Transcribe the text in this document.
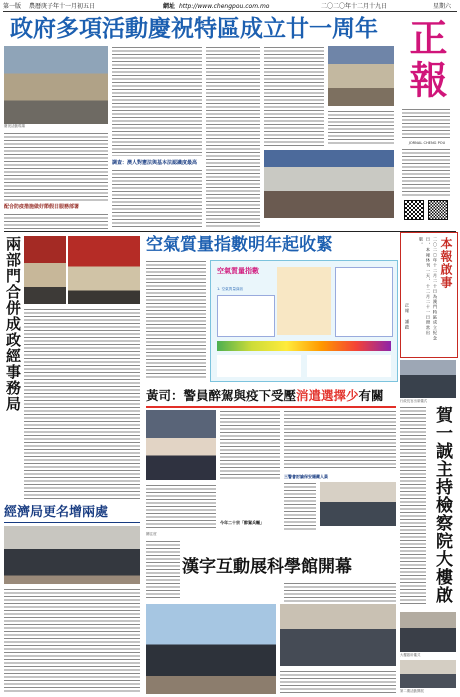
第一版 農曆庚子年十一月初五日	網址 http://www.chengpou.com.mo	二〇二〇年十二月十九日	星期六
政府多項活動慶祝特區成立廿一周年 正報
JORNAL CHENG POU
慶祝活動現場
配合防疫措施做好節假日服務部署
調查：澳人對憲法與基本法認識度最高
兩部門合併成政經事務局
經濟局更名增兩處
空氣質量指數明年起收緊
空氣質量指數
1. 空氣質量資訊
黃司：警員醉駕與疫下受壓消遣選擇少有關
三警會討論保安隱藏人員
今年二十宗「醉駕兵輛」
關注度
漢字互動展科學館開幕
本報啟事
二〇二〇年十二月二十日為澳門特區成立紀念日，本報休刊一天，十二月二十一日照常出版。
正報 謹啟
行政長官出席儀式
賀一誠主持檢察院大樓啟
大樓啟用儀式
第二期活動開展
